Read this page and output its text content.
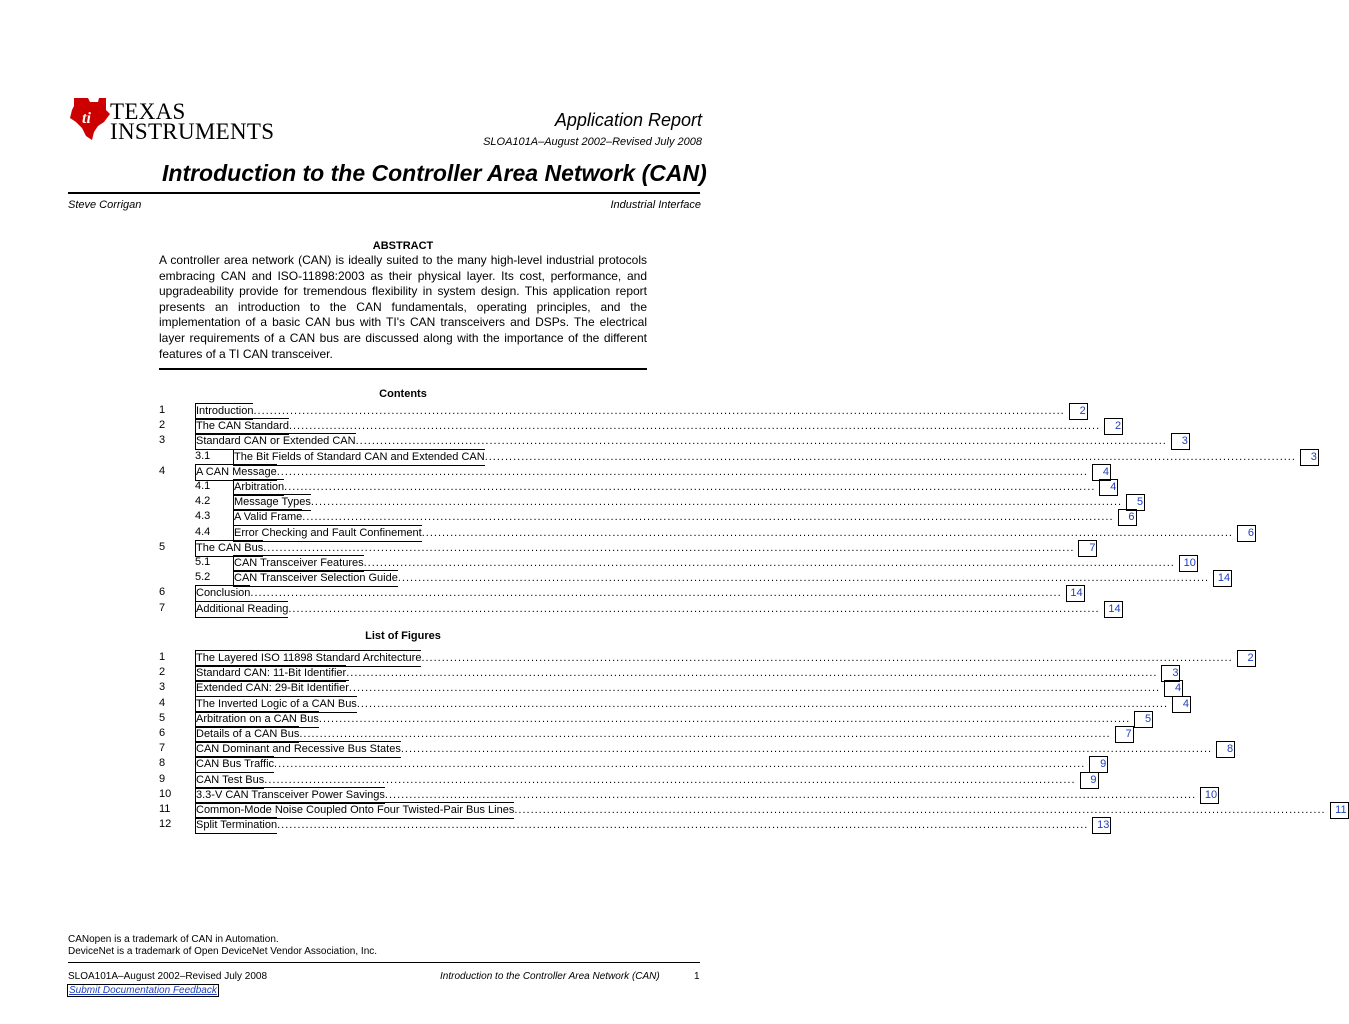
ti TEXAS
INSTRUMENTS	Application Report
SLOA101A–August 2002–Revised July 2008
Introduction to the Controller Area Network (CAN)
Steve Corrigan	Industrial Interface
ABSTRACT
A controller area network (CAN) is ideally suited to the many high-level industrial protocols embracing CAN and ISO-11898:2003 as their physical layer. Its cost, performance, and upgradeability provide for tremendous flexibility in system design. This application report presents an introduction to the CAN fundamentals, operating principles, and the implementation of a basic CAN bus with TI's CAN transceivers and DSPs. The electrical layer requirements of a CAN bus are discussed along with the importance of the different features of a TI CAN transceiver.
Contents
1	Introduction ........................................................................................................................................................................................................	2
2	The CAN Standard ........................................................................................................................................................................................................	2
3	Standard CAN or Extended CAN ........................................................................................................................................................................................................	3
3.1 The Bit Fields of Standard CAN and Extended CAN ........................................................................................................................................................................................................	3
4	A CAN Message ........................................................................................................................................................................................................	4
4.1 Arbitration ........................................................................................................................................................................................................	4
4.2 Message Types ........................................................................................................................................................................................................	5
4.3 A Valid Frame ........................................................................................................................................................................................................	6
4.4 Error Checking and Fault Confinement ........................................................................................................................................................................................................	6
5	The CAN Bus ........................................................................................................................................................................................................	7
5.1 CAN Transceiver Features ........................................................................................................................................................................................................ 10
5.2 CAN Transceiver Selection Guide ........................................................................................................................................................................................................ 14
6	Conclusion ........................................................................................................................................................................................................ 14
7	Additional Reading ........................................................................................................................................................................................................ 14
List of Figures
1	The Layered ISO 11898 Standard Architecture ........................................................................................................................................................................................................	2
2	Standard CAN: 11-Bit Identifier ........................................................................................................................................................................................................	3
3	Extended CAN: 29-Bit Identifier ........................................................................................................................................................................................................	4
4	The Inverted Logic of a CAN Bus ........................................................................................................................................................................................................	4
5	Arbitration on a CAN Bus ........................................................................................................................................................................................................	5
6	Details of a CAN Bus ........................................................................................................................................................................................................	7
7	CAN Dominant and Recessive Bus States ........................................................................................................................................................................................................	8
8	CAN Bus Traffic ........................................................................................................................................................................................................	9
9	CAN Test Bus ........................................................................................................................................................................................................	9
10 3.3-V CAN Transceiver Power Savings ........................................................................................................................................................................................................ 10
11 Common-Mode Noise Coupled Onto Four Twisted-Pair Bus Lines ........................................................................................................................................................................................................ 11
12 Split Termination ........................................................................................................................................................................................................ 13
CANopen is a trademark of CAN in Automation.
DeviceNet is a trademark of Open DeviceNet Vendor Association, Inc.
SLOA101A–August 2002–Revised July 2008	Introduction to the Controller Area Network (CAN)	1
Submit Documentation Feedback
